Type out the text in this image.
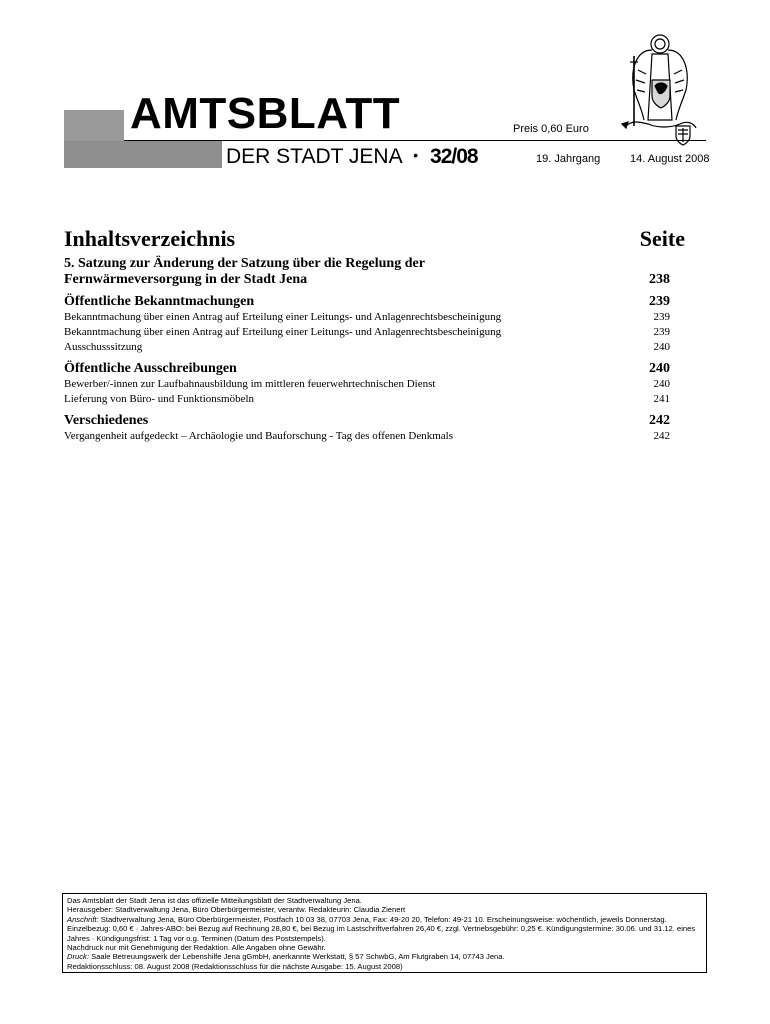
AMTSBLATT
DER STADT JENA • 32/08
Preis 0,60 Euro
19. Jahrgang	14. August 2008
Inhaltsverzeichnis	Seite
5. Satzung zur Änderung der Satzung über die Regelung der Fernwärmeversorgung in der Stadt Jena	238
Öffentliche Bekanntmachungen	239
Bekanntmachung über einen Antrag auf Erteilung einer Leitungs- und Anlagenrechtsbescheinigung	239
Bekanntmachung über einen Antrag auf Erteilung einer Leitungs- und Anlagenrechtsbescheinigung	239
Ausschusssitzung	240
Öffentliche Ausschreibungen	240
Bewerber/-innen zur Laufbahnausbildung im mittleren feuerwehrtechnischen Dienst	240
Lieferung von Büro- und Funktionsmöbeln	241
Verschiedenes	242
Vergangenheit aufgedeckt – Archäologie und Bauforschung - Tag des offenen Denkmals	242

Das Amtsblatt der Stadt Jena ist das offizielle Mitteilungsblatt der Stadtverwaltung Jena.

Herausgeber: Stadtverwaltung Jena, Büro Oberbürgermeister, verantw. Redakteurin: Claudia Zienert

Anschrift: Stadtverwaltung Jena, Büro Oberbürgermeister, Postfach 10 03 38, 07703 Jena, Fax: 49-20 20, Telefon: 49-21 10. Erscheinungsweise: wöchentlich, jeweils Donnerstag. Einzelbezug: 0,60 € · Jahres-ABO: bei Bezug auf Rechnung 28,80 €, bei Bezug im Lastschriftverfahren 26,40 €, zzgl. Vertriebsgebühr: 0,25 €. Kündigungstermine: 30.06. und 31.12. eines Jahres · Kündigungsfrist: 1 Tag vor o.g. Terminen (Datum des Poststempels).

Nachdruck nur mit Genehmigung der Redaktion. Alle Angaben ohne Gewähr.

Druck: Saale Betreuungswerk der Lebenshilfe Jena gGmbH, anerkannte Werkstatt, § 57 SchwbG, Am Flutgraben 14, 07743 Jena.

Redaktionsschluss: 08. August 2008 (Redaktionsschluss für die nächste Ausgabe: 15. August 2008)
